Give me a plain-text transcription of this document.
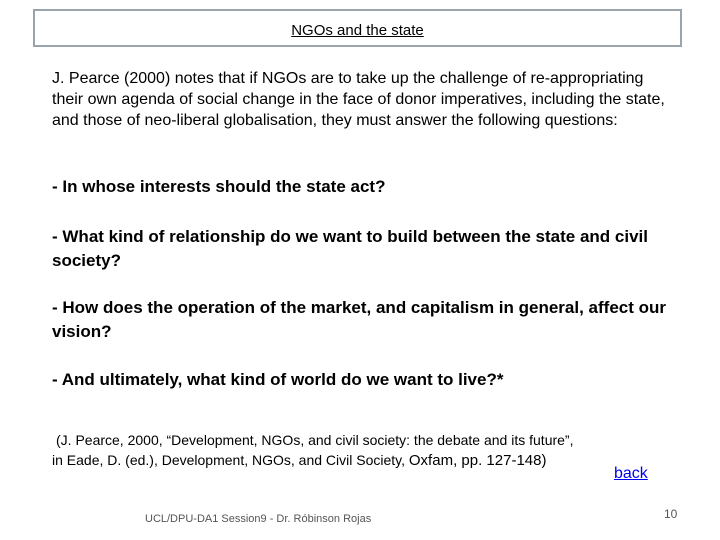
NGOs and the state

J. Pearce (2000) notes that if NGOs are to take up the challenge of re-appropriating their own agenda of social change in the face of donor imperatives, including the state, and those of neo-liberal globalisation, they must answer the following questions:

- In whose interests should the state act?

- What kind of relationship do we want to build between the state and civil society?

- How does the operation of the market, and capitalism in general, affect our vision?

- And ultimately, what kind of world do we want to live?*

(J. Pearce, 2000, “Development, NGOs, and civil society: the debate and its future”,
in Eade, D. (ed.), Development, NGOs, and Civil Society, Oxfam, pp. 127-148)

back
UCL/DPU-DA1 Session9 - Dr. Róbinson Rojas	10
